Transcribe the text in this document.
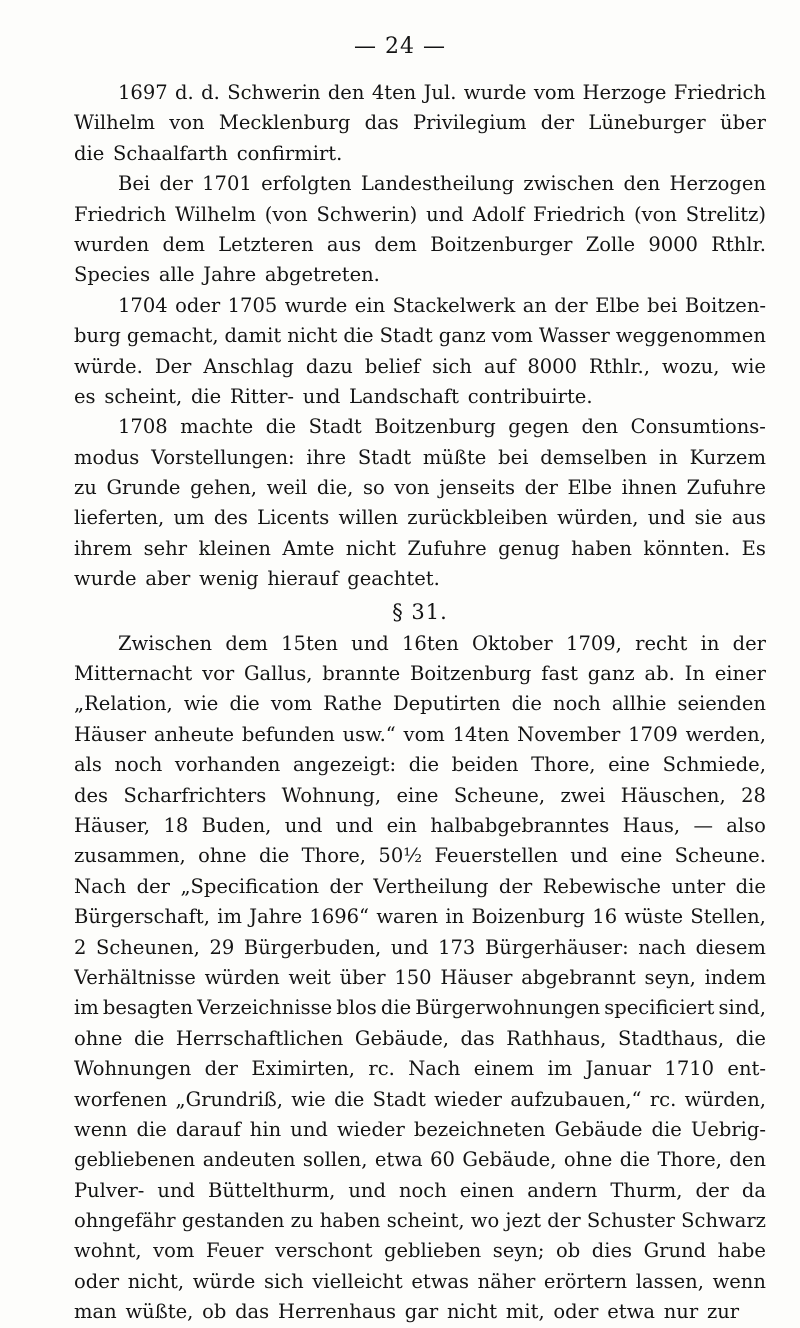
— 24 —
1697 d. d. Schwerin den 4ten Jul. wurde vom Herzoge Friedrich
Wilhelm von Mecklenburg das Privilegium der Lüneburger über
die Schaalfarth confirmirt.
Bei der 1701 erfolgten Landestheilung zwischen den Herzogen
Friedrich Wilhelm (von Schwerin) und Adolf Friedrich (von Strelitz)
wurden dem Letzteren aus dem Boitzenburger Zolle 9000 Rthlr.
Species alle Jahre abgetreten.
1704 oder 1705 wurde ein Stackelwerk an der Elbe bei Boitzen-
burg gemacht, damit nicht die Stadt ganz vom Wasser weggenommen
würde. Der Anschlag dazu belief sich auf 8000 Rthlr., wozu, wie
es scheint, die Ritter- und Landschaft contribuirte.
1708 machte die Stadt Boitzenburg gegen den Consumtions-
modus Vorstellungen: ihre Stadt müßte bei demselben in Kurzem
zu Grunde gehen, weil die, so von jenseits der Elbe ihnen Zufuhre
lieferten, um des Licents willen zurückbleiben würden, und sie aus
ihrem sehr kleinen Amte nicht Zufuhre genug haben könnten. Es
wurde aber wenig hierauf geachtet.
§ 31.
Zwischen dem 15ten und 16ten Oktober 1709, recht in der
Mitternacht vor Gallus, brannte Boitzenburg fast ganz ab. In einer
„Relation, wie die vom Rathe Deputirten die noch allhie seienden
Häuser anheute befunden usw.“ vom 14ten November 1709 werden,
als noch vorhanden angezeigt: die beiden Thore, eine Schmiede,
des Scharfrichters Wohnung, eine Scheune, zwei Häuschen, 28
Häuser, 18 Buden, und und ein halbabgebranntes Haus, — also
zusammen, ohne die Thore, 50½ Feuerstellen und eine Scheune.
Nach der „Specification der Vertheilung der Rebewische unter die
Bürgerschaft, im Jahre 1696“ waren in Boizenburg 16 wüste Stellen,
2 Scheunen, 29 Bürgerbuden, und 173 Bürgerhäuser: nach diesem
Verhältnisse würden weit über 150 Häuser abgebrannt seyn, indem
im besagten Verzeichnisse blos die Bürgerwohnungen specificiert sind,
ohne die Herrschaftlichen Gebäude, das Rathhaus, Stadthaus, die
Wohnungen der Eximirten, rc. Nach einem im Januar 1710 ent-
worfenen „Grundriß, wie die Stadt wieder aufzubauen,“ rc. würden,
wenn die darauf hin und wieder bezeichneten Gebäude die Uebrig-
gebliebenen andeuten sollen, etwa 60 Gebäude, ohne die Thore, den
Pulver- und Büttelthurm, und noch einen andern Thurm, der da
ohngefähr gestanden zu haben scheint, wo jezt der Schuster Schwarz
wohnt, vom Feuer verschont geblieben seyn; ob dies Grund habe
oder nicht, würde sich vielleicht etwas näher erörtern lassen, wenn
man wüßte, ob das Herrenhaus gar nicht mit, oder etwa nur zur
